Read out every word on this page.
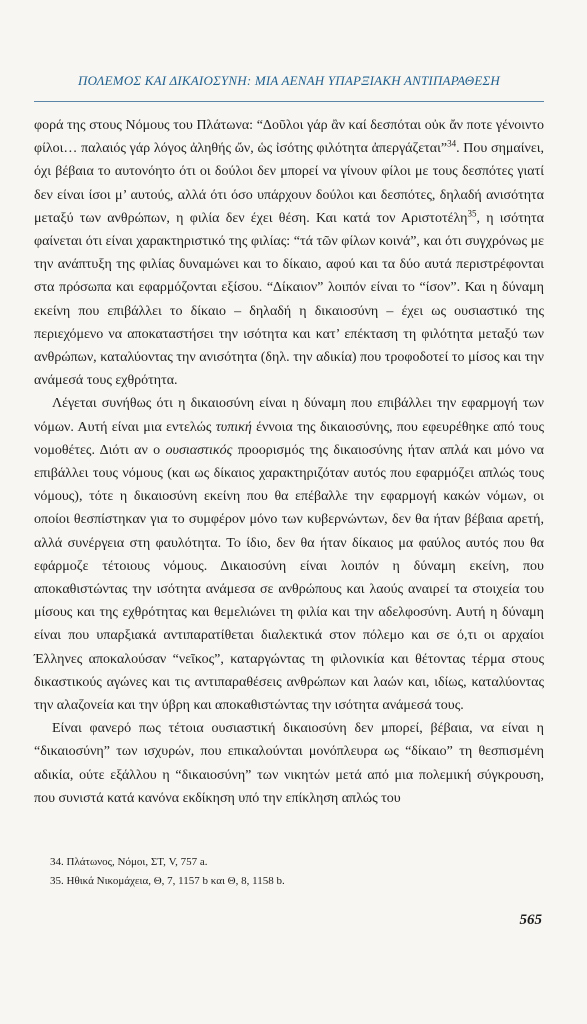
ΠΟΛΕΜΟΣ ΚΑΙ ΔΙΚΑΙΟΣΥΝΗ: ΜΙΑ ΑΕΝΑΗ ΥΠΑΡΞΙΑΚΗ ΑΝΤΙΠΑΡΑΘΕΣΗ

φορά της στους Νόμους του Πλάτωνα: “Δοῦλοι γάρ ἂν καί δεσπόται οὐκ ἄν ποτε γένοιντο φίλοι… παλαιός γάρ λόγος ἀληθής ὤν, ὡς ἰσότης φιλότητα ἀπεργάζεται”$^{34}$. Που σημαίνει, όχι βέβαια το αυτονόητο ότι οι δούλοι δεν μπορεί να γίνουν φίλοι με τους δεσπότες γιατί δεν είναι ίσοι μ’ αυτούς, αλλά ότι όσο υπάρχουν δούλοι και δεσπότες, δηλαδή ανισότητα μεταξύ των ανθρώπων, η φιλία δεν έχει θέση. Και κατά τον Αριστοτέλη$^{35}$, η ισότητα φαίνεται ότι είναι χαρακτηριστικό της φιλίας: “τά τῶν φίλων κοινά”, και ότι συγχρόνως με την ανάπτυξη της φιλίας δυναμώνει και το δίκαιο, αφού και τα δύο αυτά περιστρέφονται στα πρόσωπα και εφαρμόζονται εξίσου. “Δίκαιον” λοιπόν είναι το “ίσον”. Και η δύναμη εκείνη που επιβάλλει το δίκαιο – δηλαδή η δικαιοσύνη – έχει ως ουσιαστικό της περιεχόμενο να αποκαταστήσει την ισότητα και κατ’ επέκταση τη φιλότητα μεταξύ των ανθρώπων, καταλύοντας την ανισότητα (δηλ. την αδικία) που τροφοδοτεί το μίσος και την ανάμεσά τους εχθρότητα.

Λέγεται συνήθως ότι η δικαιοσύνη είναι η δύναμη που επιβάλλει την εφαρμογή των νόμων. Αυτή είναι μια εντελώς τυπική έννοια της δικαιοσύνης, που εφευρέθηκε από τους νομοθέτες. Διότι αν ο ουσιαστικός προορισμός της δικαιοσύνης ήταν απλά και μόνο να επιβάλλει τους νόμους (και ως δίκαιος χαρακτηριζόταν αυτός που εφαρμόζει απλώς τους νόμους), τότε η δικαιοσύνη εκείνη που θα επέβαλλε την εφαρμογή κακών νόμων, οι οποίοι θεσπίστηκαν για το συμφέρον μόνο των κυβερνώντων, δεν θα ήταν βέβαια αρετή, αλλά συνέργεια στη φαυλότητα. Το ίδιο, δεν θα ήταν δίκαιος μα φαύλος αυτός που θα εφάρμοζε τέτοιους νόμους. Δικαιοσύνη είναι λοιπόν η δύναμη εκείνη, που αποκαθιστώντας την ισότητα ανάμεσα σε ανθρώπους και λαούς αναιρεί τα στοιχεία του μίσους και της εχθρότητας και θεμελιώνει τη φιλία και την αδελφοσύνη. Αυτή η δύναμη είναι που υπαρξιακά αντιπαρατίθεται διαλεκτικά στον πόλεμο και σε ό,τι οι αρχαίοι Έλληνες αποκαλούσαν “νεῖκος”, καταργώντας τη φιλονικία και θέτοντας τέρμα στους δικαστικούς αγώνες και τις αντιπαραθέσεις ανθρώπων και λαών και, ιδίως, καταλύοντας την αλαζονεία και την ύβρη και αποκαθιστώντας την ισότητα ανάμεσά τους.

Είναι φανερό πως τέτοια ουσιαστική δικαιοσύνη δεν μπορεί, βέβαια, να είναι η “δικαιοσύνη” των ισχυρών, που επικαλούνται μονόπλευρα ως “δίκαιο” τη θεσπισμένη αδικία, ούτε εξάλλου η “δικαιοσύνη” των νικητών μετά από μια πολεμική σύγκρουση, που συνιστά κατά κανόνα εκδίκηση υπό την επίκληση απλώς του

34. Πλάτωνος, Νόμοι, ΣΤ, V, 757 a.
35. Ηθικά Νικομάχεια, Θ, 7, 1157 b και Θ, 8, 1158 b.
565
